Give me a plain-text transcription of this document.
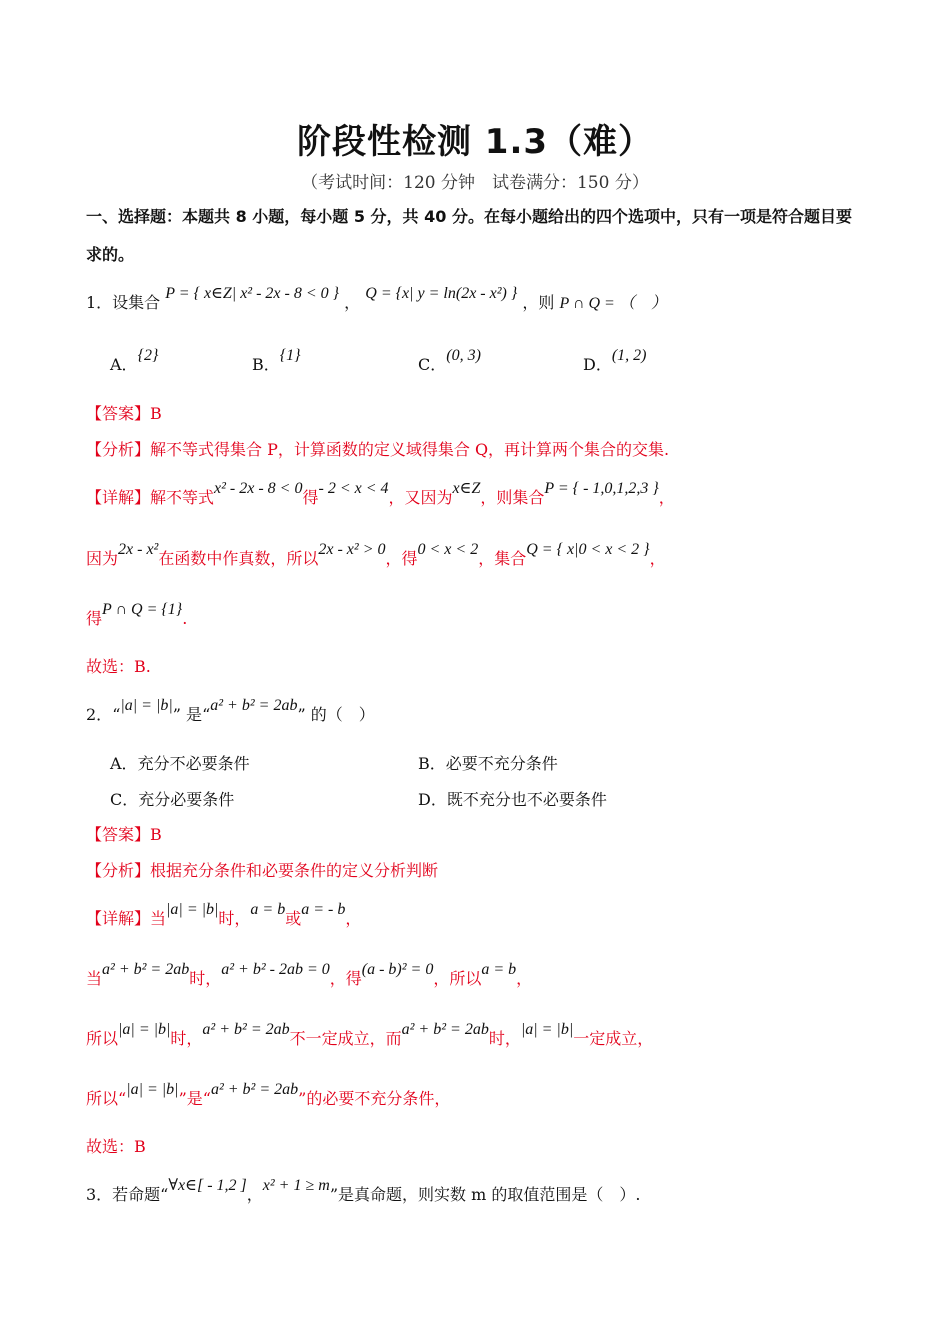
阶段性检测 1.3（难）
（考试时间：120 分钟　试卷满分：150 分）
一、选择题：本题共 8 小题，每小题 5 分，共 40 分。在每小题给出的四个选项中，只有一项是符合题目要
求的。
1．设集合 P = { x∈Z| x² - 2x - 8 < 0 } ， Q = {x| y = ln(2x - x²) } ，则 P ∩ Q = （　）
A．{2}	B．{1}	C．(0, 3)	D．(1, 2)
【答案】B
【分析】解不等式得集合 P，计算函数的定义域得集合 Q，再计算两个集合的交集.
【详解】解不等式x² - 2x - 8 < 0得- 2 < x < 4，又因为x∈Z，则集合P = { - 1,0,1,2,3 }，
因为2x - x²在函数中作真数，所以2x - x² > 0，得0 < x < 2，集合Q = { x|0 < x < 2 }，
得P ∩ Q = {1}.
故选：B.
2．“|a| = |b|” 是“a² + b² = 2ab” 的（　）
A．充分不必要条件	B．必要不充分条件
C．充分必要条件	D．既不充分也不必要条件
【答案】B
【分析】根据充分条件和必要条件的定义分析判断
【详解】当|a| = |b|时，a = b或a = - b，
当a² + b² = 2ab时，a² + b² - 2ab = 0，得(a - b)² = 0，所以a = b，
所以|a| = |b|时，a² + b² = 2ab不一定成立，而a² + b² = 2ab时，|a| = |b|一定成立，
所以“|a| = |b|”是“a² + b² = 2ab”的必要不充分条件，
故选：B
3．若命题“∀x∈[ - 1,2 ]，x² + 1 ≥ m”是真命题，则实数 m 的取值范围是（　）.
